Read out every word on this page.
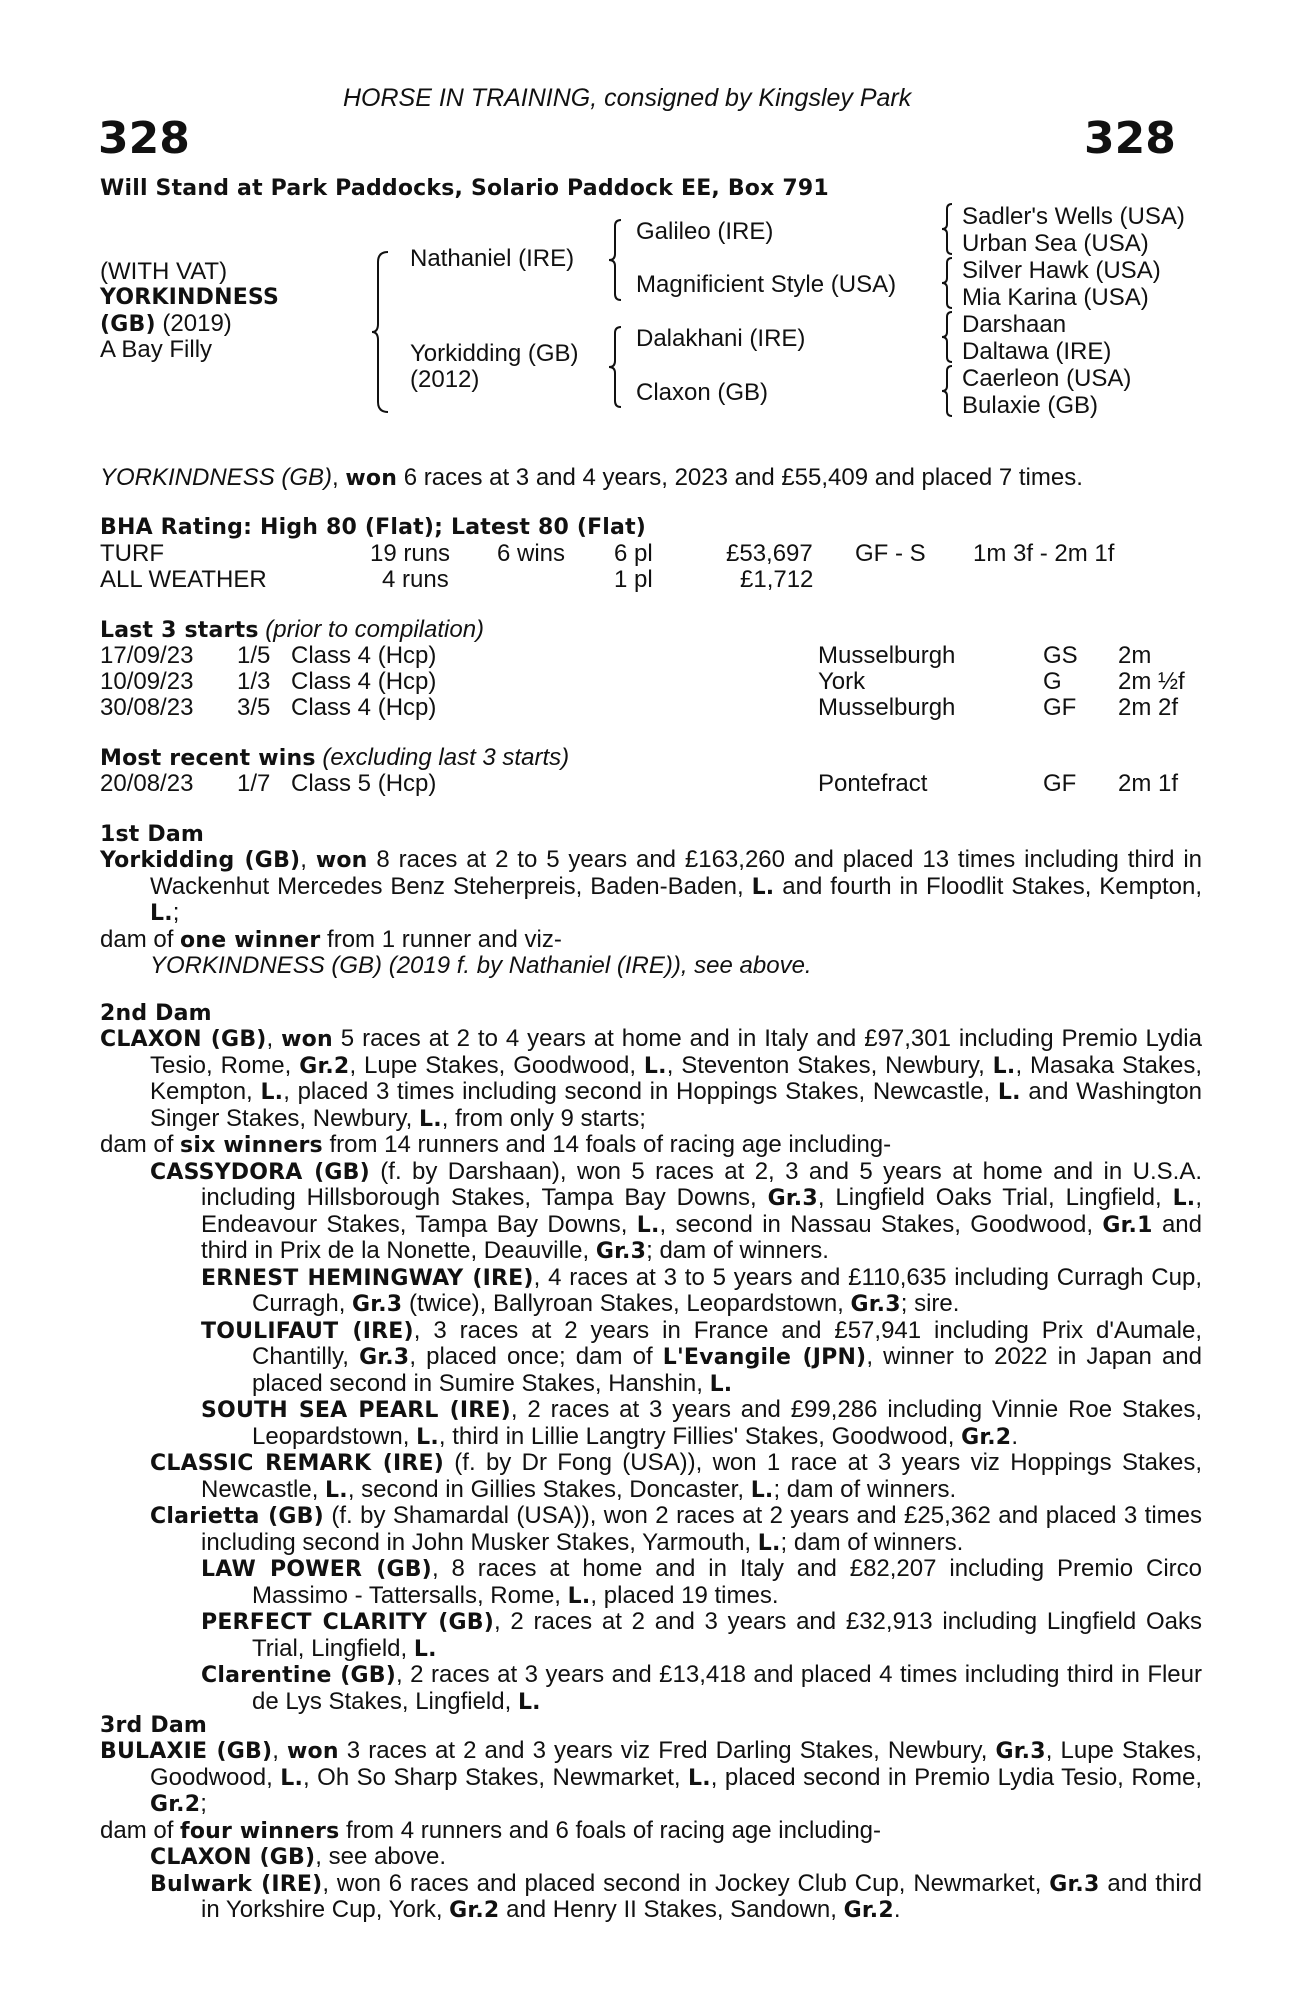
HORSE IN TRAINING, consigned by Kingsley Park
328	328
Will Stand at Park Paddocks, Solario Paddock EE, Box 791
(WITH VAT)
YORKINDNESS
(GB) (2019)
A Bay Filly
Nathaniel (IRE)
Yorkidding (GB)
(2012)
Galileo (IRE)
Magnificient Style (USA)
Dalakhani (IRE)
Claxon (GB)
Sadler's Wells (USA)
Urban Sea (USA)
Silver Hawk (USA)
Mia Karina (USA)
Darshaan
Daltawa (IRE)
Caerleon (USA)
Bulaxie (GB)
YORKINDNESS (GB), won 6 races at 3 and 4 years, 2023 and £55,409 and placed 7 times.
BHA Rating: High 80 (Flat); Latest 80 (Flat)
TURF	19 runs 6 wins 6 pl	£53,697 GF - S 1m 3f - 2m 1f
ALL WEATHER	4 runs	1 pl	£1,712
Last 3 starts (prior to compilation)
17/09/23 1/5 Class 4 (Hcp)	Musselburgh	GS 2m
10/09/23 1/3 Class 4 (Hcp)	York	G 2m ½f
30/08/23 3/5 Class 4 (Hcp)	Musselburgh	GF 2m 2f
Most recent wins (excluding last 3 starts)
20/08/23 1/7 Class 5 (Hcp)	Pontefract	GF 2m 1f
1st Dam

Yorkidding (GB), won 8 races at 2 to 5 years and £163,260 and placed 13 times including third in Wackenhut Mercedes Benz Steherpreis, Baden-Baden, L. and fourth in Floodlit Stakes, Kempton, L.;

dam of one winner from 1 runner and viz-

YORKINDNESS (GB) (2019 f. by Nathaniel (IRE)), see above.

2nd Dam

CLAXON (GB), won 5 races at 2 to 4 years at home and in Italy and £97,301 including Premio Lydia Tesio, Rome, Gr.2, Lupe Stakes, Goodwood, L., Steventon Stakes, Newbury, L., Masaka Stakes, Kempton, L., placed 3 times including second in Hoppings Stakes, Newcastle, L. and Washington Singer Stakes, Newbury, L., from only 9 starts;

dam of six winners from 14 runners and 14 foals of racing age including-

CASSYDORA (GB) (f. by Darshaan), won 5 races at 2, 3 and 5 years at home and in U.S.A. including Hillsborough Stakes, Tampa Bay Downs, Gr.3, Lingfield Oaks Trial, Lingfield, L., Endeavour Stakes, Tampa Bay Downs, L., second in Nassau Stakes, Goodwood, Gr.1 and third in Prix de la Nonette, Deauville, Gr.3; dam of winners.

ERNEST HEMINGWAY (IRE), 4 races at 3 to 5 years and £110,635 including Curragh Cup, Curragh, Gr.3 (twice), Ballyroan Stakes, Leopardstown, Gr.3; sire.

TOULIFAUT (IRE), 3 races at 2 years in France and £57,941 including Prix d'Aumale, Chantilly, Gr.3, placed once; dam of L'Evangile (JPN), winner to 2022 in Japan and placed second in Sumire Stakes, Hanshin, L.

SOUTH SEA PEARL (IRE), 2 races at 3 years and £99,286 including Vinnie Roe Stakes, Leopardstown, L., third in Lillie Langtry Fillies' Stakes, Goodwood, Gr.2.

CLASSIC REMARK (IRE) (f. by Dr Fong (USA)), won 1 race at 3 years viz Hoppings Stakes, Newcastle, L., second in Gillies Stakes, Doncaster, L.; dam of winners.

Clarietta (GB) (f. by Shamardal (USA)), won 2 races at 2 years and £25,362 and placed 3 times including second in John Musker Stakes, Yarmouth, L.; dam of winners.

LAW POWER (GB), 8 races at home and in Italy and £82,207 including Premio Circo Massimo - Tattersalls, Rome, L., placed 19 times.

PERFECT CLARITY (GB), 2 races at 2 and 3 years and £32,913 including Lingfield Oaks Trial, Lingfield, L.

Clarentine (GB), 2 races at 3 years and £13,418 and placed 4 times including third in Fleur de Lys Stakes, Lingfield, L.

3rd Dam

BULAXIE (GB), won 3 races at 2 and 3 years viz Fred Darling Stakes, Newbury, Gr.3, Lupe Stakes, Goodwood, L., Oh So Sharp Stakes, Newmarket, L., placed second in Premio Lydia Tesio, Rome, Gr.2;

dam of four winners from 4 runners and 6 foals of racing age including-

CLAXON (GB), see above.

Bulwark (IRE), won 6 races and placed second in Jockey Club Cup, Newmarket, Gr.3 and third in Yorkshire Cup, York, Gr.2 and Henry II Stakes, Sandown, Gr.2.
